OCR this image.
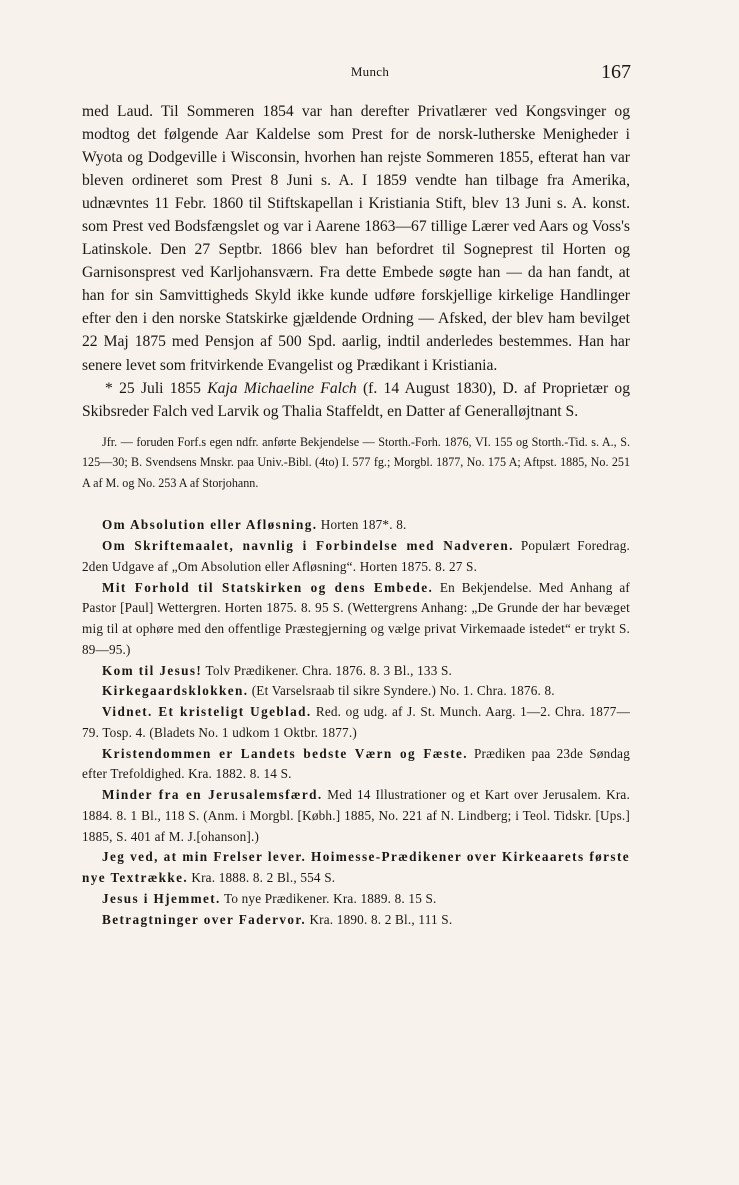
Munch	167

med Laud. Til Sommeren 1854 var han derefter Privatlærer ved Kongsvinger og modtog det følgende Aar Kaldelse som Prest for de norsk-lutherske Menigheder i Wyota og Dodgeville i Wisconsin, hvorhen han rejste Sommeren 1855, efterat han var bleven ordineret som Prest 8 Juni s. A. I 1859 vendte han tilbage fra Amerika, udnævntes 11 Febr. 1860 til Stiftskapellan i Kristiania Stift, blev 13 Juni s. A. konst. som Prest ved Bodsfængslet og var i Aarene 1863—67 tillige Lærer ved Aars og Voss's Latinskole. Den 27 Septbr. 1866 blev han befordret til Sogneprest til Horten og Garnisonsprest ved Karljohansværn. Fra dette Embede søgte han — da han fandt, at han for sin Samvittigheds Skyld ikke kunde udføre forskjellige kirkelige Handlinger efter den i den norske Statskirke gjældende Ordning — Afsked, der blev ham bevilget 22 Maj 1875 med Pensjon af 500 Spd. aarlig, indtil anderledes bestemmes. Han har senere levet som fritvirkende Evangelist og Prædikant i Kristiania.

* 25 Juli 1855 Kaja Michaeline Falch (f. 14 August 1830), D. af Proprietær og Skibsreder Falch ved Larvik og Thalia Staffeldt, en Datter af Generalløjtnant S.

Jfr. — foruden Forf.s egen ndfr. anførte Bekjendelse — Storth.-Forh. 1876, VI. 155 og Storth.-Tid. s. A., S. 125—30; B. Svendsens Mnskr. paa Univ.-Bibl. (4to) I. 577 fg.; Morgbl. 1877, No. 175 A; Aftpst. 1885, No. 251 A af M. og No. 253 A af Storjohann.

Om Absolution eller Afløsning. Horten 187*. 8.

Om Skriftemaalet, navnlig i Forbindelse med Nadveren. Populært Foredrag. 2den Udgave af „Om Absolution eller Afløsning“. Horten 1875. 8. 27 S.

Mit Forhold til Statskirken og dens Embede. En Bekjendelse. Med Anhang af Pastor [Paul] Wettergren. Horten 1875. 8. 95 S. (Wettergrens Anhang: „De Grunde der har bevæget mig til at ophøre med den offentlige Præstegjerning og vælge privat Virkemaade istedet“ er trykt S. 89—95.)

Kom til Jesus! Tolv Prædikener. Chra. 1876. 8. 3 Bl., 133 S.

Kirkegaardsklokken. (Et Varselsraab til sikre Syndere.) No. 1. Chra. 1876. 8.

Vidnet. Et kristeligt Ugeblad. Red. og udg. af J. St. Munch. Aarg. 1—2. Chra. 1877—79. Tosp. 4. (Bladets No. 1 udkom 1 Oktbr. 1877.)

Kristendommen er Landets bedste Værn og Fæste. Prædiken paa 23de Søndag efter Trefoldighed. Kra. 1882. 8. 14 S.

Minder fra en Jerusalemsfærd. Med 14 Illustrationer og et Kart over Jerusalem. Kra. 1884. 8. 1 Bl., 118 S. (Anm. i Morgbl. [Købh.] 1885, No. 221 af N. Lindberg; i Teol. Tidskr. [Ups.] 1885, S. 401 af M. J.[ohanson].)

Jeg ved, at min Frelser lever. Hoimesse-Prædikener over Kirkeaarets første nye Textrække. Kra. 1888. 8. 2 Bl., 554 S.

Jesus i Hjemmet. To nye Prædikener. Kra. 1889. 8. 15 S.

Betragtninger over Fadervor. Kra. 1890. 8. 2 Bl., 111 S.
